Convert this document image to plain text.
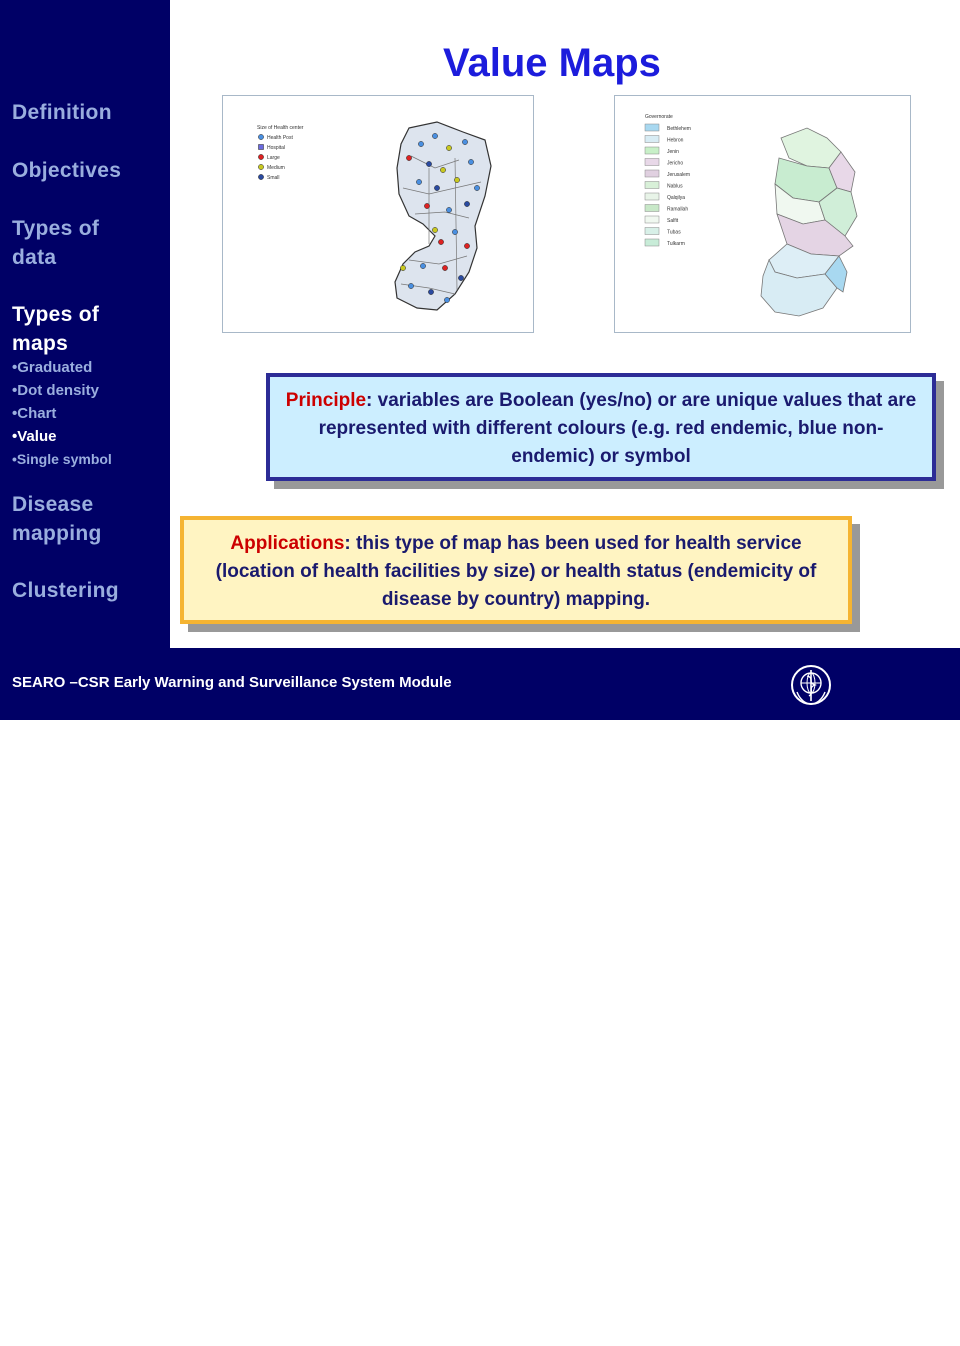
Definition
Objectives
Types of data
Types of maps
•Graduated
•Dot density
•Chart
•Value
•Single symbol
Disease mapping
Clustering
Value Maps
Size of Health center
Health Post
Hospital
Large
Medium
Small
Governorate
Bethlehem
Hebron
Jenin
Jericho
Jerusalem
Nablus
Qalqilya
Ramallah
Salfit
Tubas
Tulkarm
Principle: variables are Boolean (yes/no) or are unique values that are represented with different colours (e.g. red endemic, blue non-endemic) or symbol
Applications: this type of map has been used for health service (location of health facilities by size) or health status (endemicity of disease by country) mapping.
SEARO –CSR Early Warning and Surveillance System Module
World Health
Organization
